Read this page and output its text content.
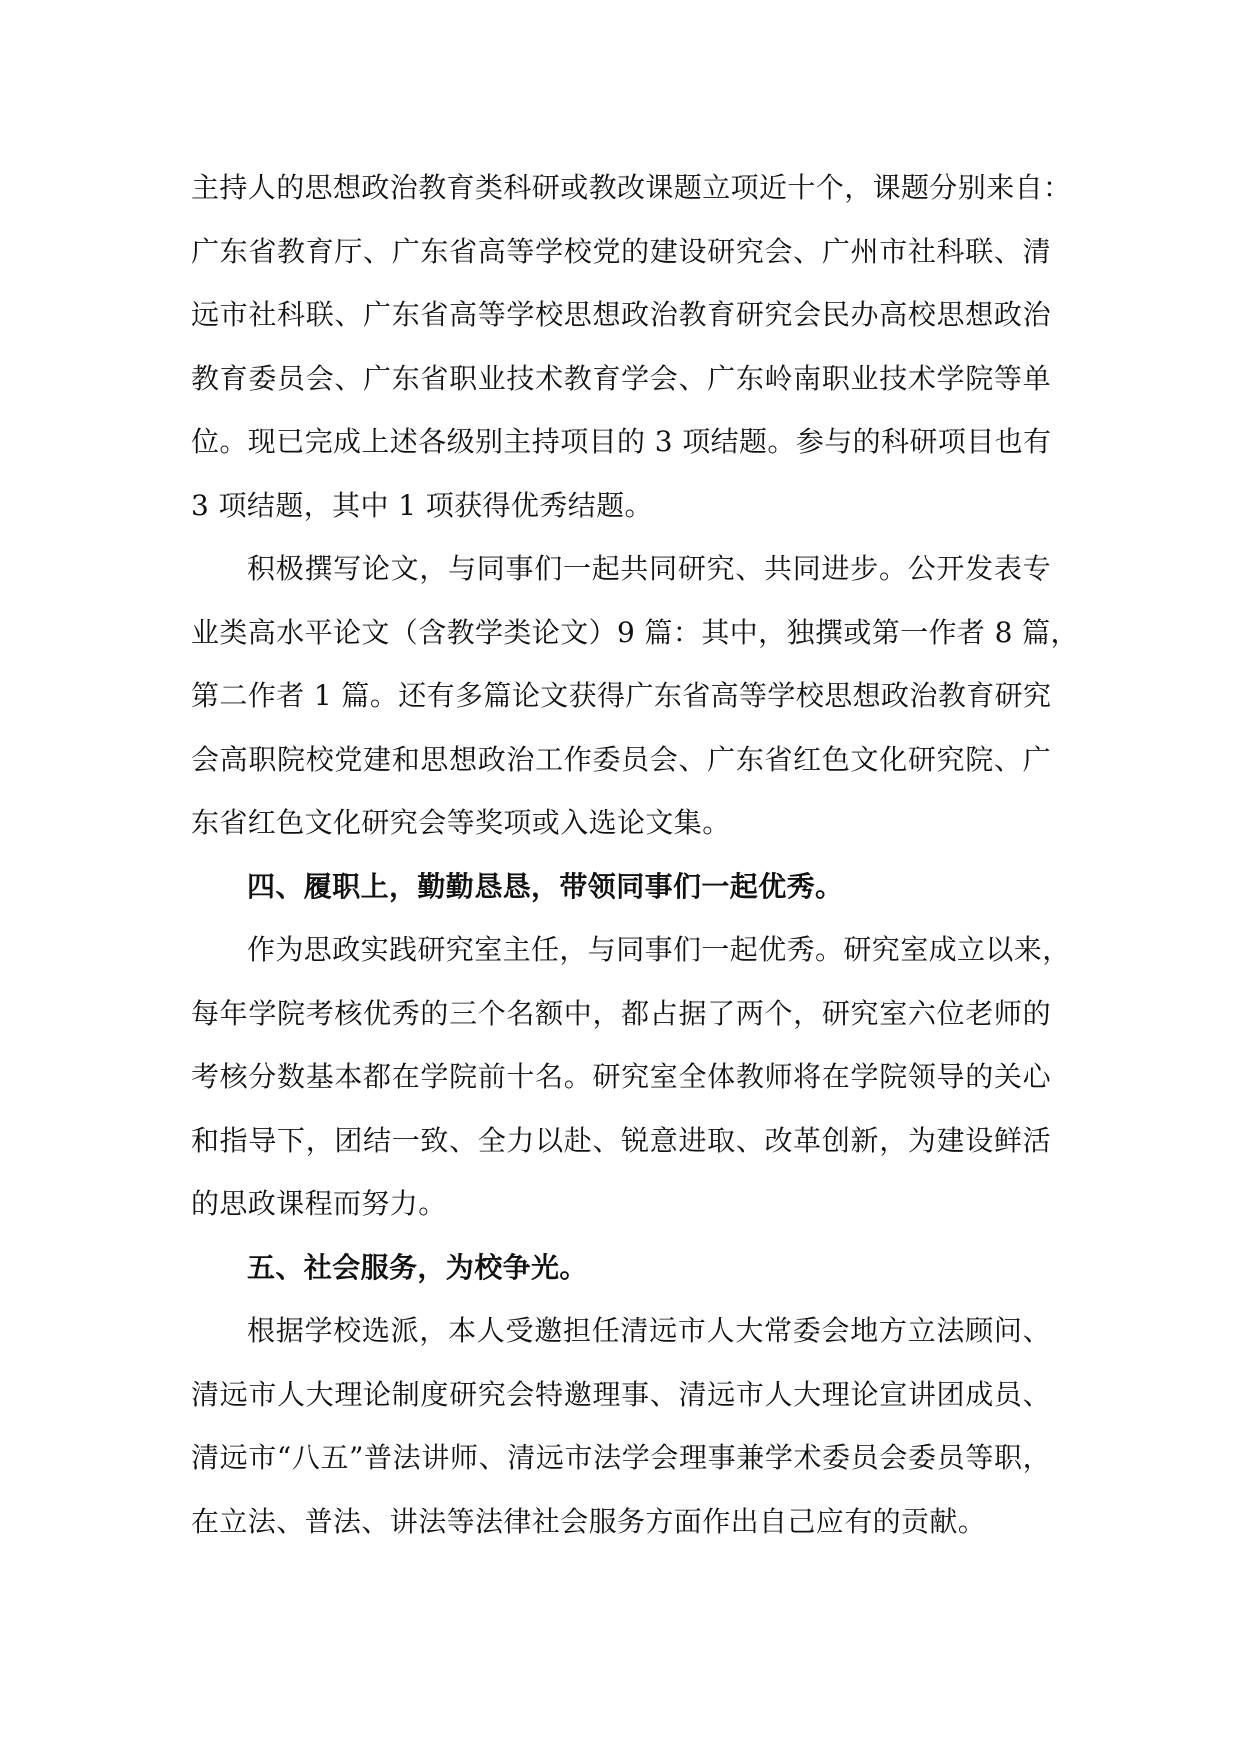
主持人的思想政治教育类科研或教改课题立项近十个，课题分别来自：
广东省教育厅、广东省高等学校党的建设研究会、广州市社科联、清
远市社科联、广东省高等学校思想政治教育研究会民办高校思想政治
教育委员会、广东省职业技术教育学会、广东岭南职业技术学院等单
位。现已完成上述各级别主持项目的 3 项结题。参与的科研项目也有
3 项结题，其中 1 项获得优秀结题。
积极撰写论文，与同事们一起共同研究、共同进步。公开发表专
业类高水平论文（含教学类论文）9 篇：其中，独撰或第一作者 8 篇，
第二作者 1 篇。还有多篇论文获得广东省高等学校思想政治教育研究
会高职院校党建和思想政治工作委员会、广东省红色文化研究院、广
东省红色文化研究会等奖项或入选论文集。
四、履职上，勤勤恳恳，带领同事们一起优秀。
作为思政实践研究室主任，与同事们一起优秀。研究室成立以来，
每年学院考核优秀的三个名额中，都占据了两个，研究室六位老师的
考核分数基本都在学院前十名。研究室全体教师将在学院领导的关心
和指导下，团结一致、全力以赴、锐意进取、改革创新，为建设鲜活
的思政课程而努力。
五、社会服务，为校争光。
根据学校选派，本人受邀担任清远市人大常委会地方立法顾问、
清远市人大理论制度研究会特邀理事、清远市人大理论宣讲团成员、
清远市“八五”普法讲师、清远市法学会理事兼学术委员会委员等职，
在立法、普法、讲法等法律社会服务方面作出自己应有的贡献。
